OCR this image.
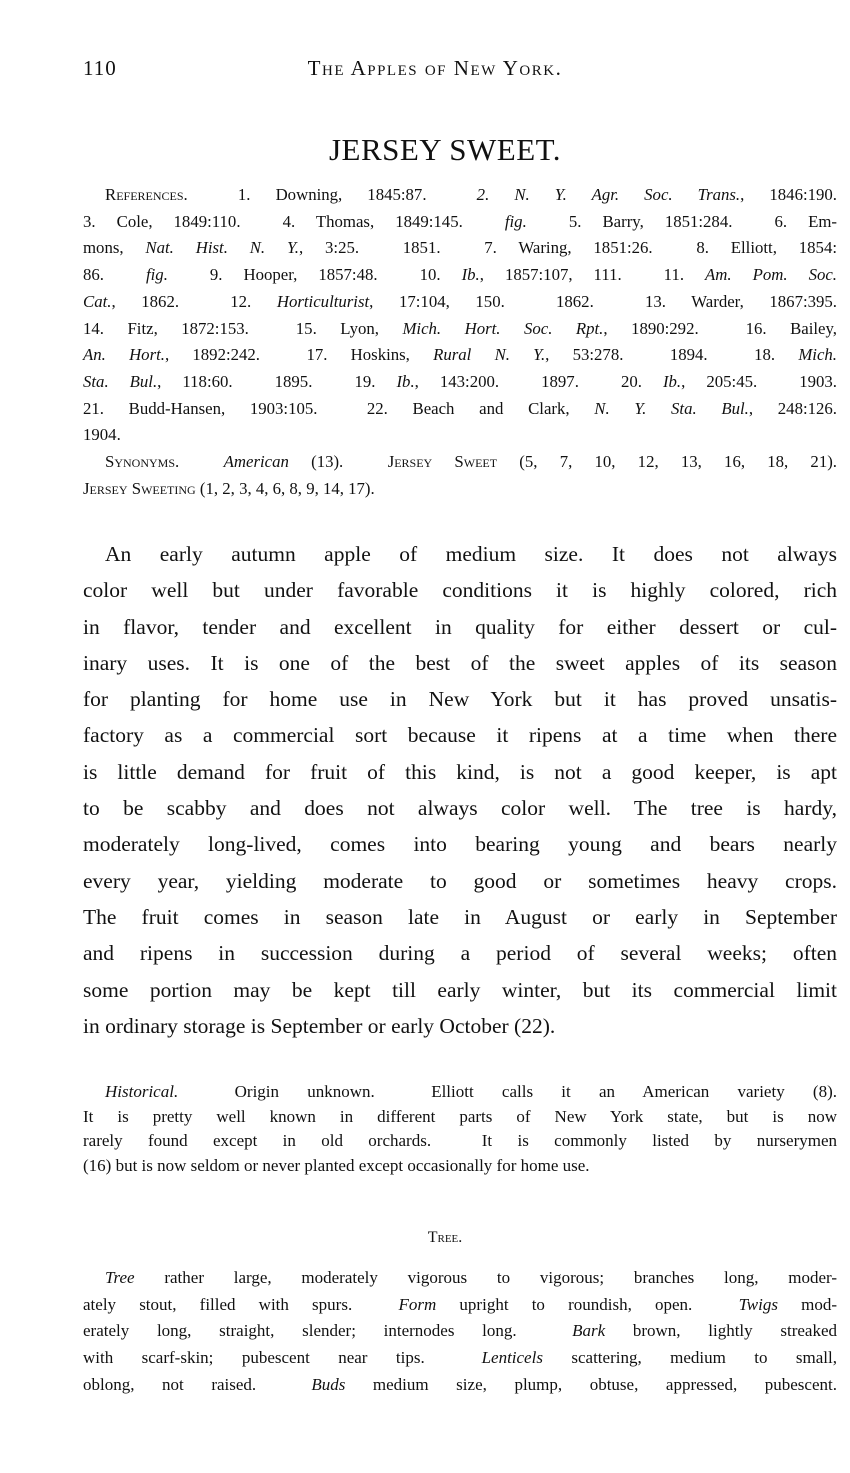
110	The Apples of New York.
JERSEY SWEET.
References.  1. Downing, 1845:87.  2. N. Y. Agr. Soc. Trans., 1846:190.
3. Cole, 1849:110.  4. Thomas, 1849:145.  fig.  5. Barry, 1851:284.  6. Em-
mons, Nat. Hist. N. Y., 3:25.  1851.  7. Waring, 1851:26.  8. Elliott, 1854:
86.  fig.  9. Hooper, 1857:48.  10. Ib., 1857:107, 111.  11. Am. Pom. Soc.
Cat., 1862.  12. Horticulturist, 17:104, 150.  1862.  13. Warder, 1867:395.
14. Fitz, 1872:153.  15. Lyon, Mich. Hort. Soc. Rpt., 1890:292.  16. Bailey,
An. Hort., 1892:242.  17. Hoskins, Rural N. Y., 53:278.  1894.  18. Mich.
Sta. Bul., 118:60.  1895.  19. Ib., 143:200.  1897.  20. Ib., 205:45.  1903.
21. Budd-Hansen, 1903:105.  22. Beach and Clark, N. Y. Sta. Bul., 248:126.
1904.
Synonyms.	American (13).  Jersey Sweet (5, 7, 10, 12, 13, 16, 18, 21).
Jersey Sweeting (1, 2, 3, 4, 6, 8, 9, 14, 17).
An early autumn apple of medium size. It does not always
color well but under favorable conditions it is highly colored, rich
in flavor, tender and excellent in quality for either dessert or cul-
inary uses. It is one of the best of the sweet apples of its season
for planting for home use in New York but it has proved unsatis-
factory as a commercial sort because it ripens at a time when there
is little demand for fruit of this kind, is not a good keeper, is apt
to be scabby and does not always color well. The tree is hardy,
moderately long-lived, comes into bearing young and bears nearly
every year, yielding moderate to good or sometimes heavy crops.
The fruit comes in season late in August or early in September
and ripens in succession during a period of several weeks; often
some portion may be kept till early winter, but its commercial limit
in ordinary storage is September or early October (22).
Historical.  Origin unknown.  Elliott calls it an American variety (8).
It is pretty well known in different parts of New York state, but is now
rarely found except in old orchards.  It is commonly listed by nurserymen
(16) but is now seldom or never planted except occasionally for home use.
Tree.
Tree rather large, moderately vigorous to vigorous; branches long, moder-
ately stout, filled with spurs.  Form upright to roundish, open.  Twigs mod-
erately long, straight, slender; internodes long.  Bark brown, lightly streaked
with scarf-skin; pubescent near tips.  Lenticels scattering, medium to small,
oblong, not raised.  Buds medium size, plump, obtuse, appressed, pubescent.
